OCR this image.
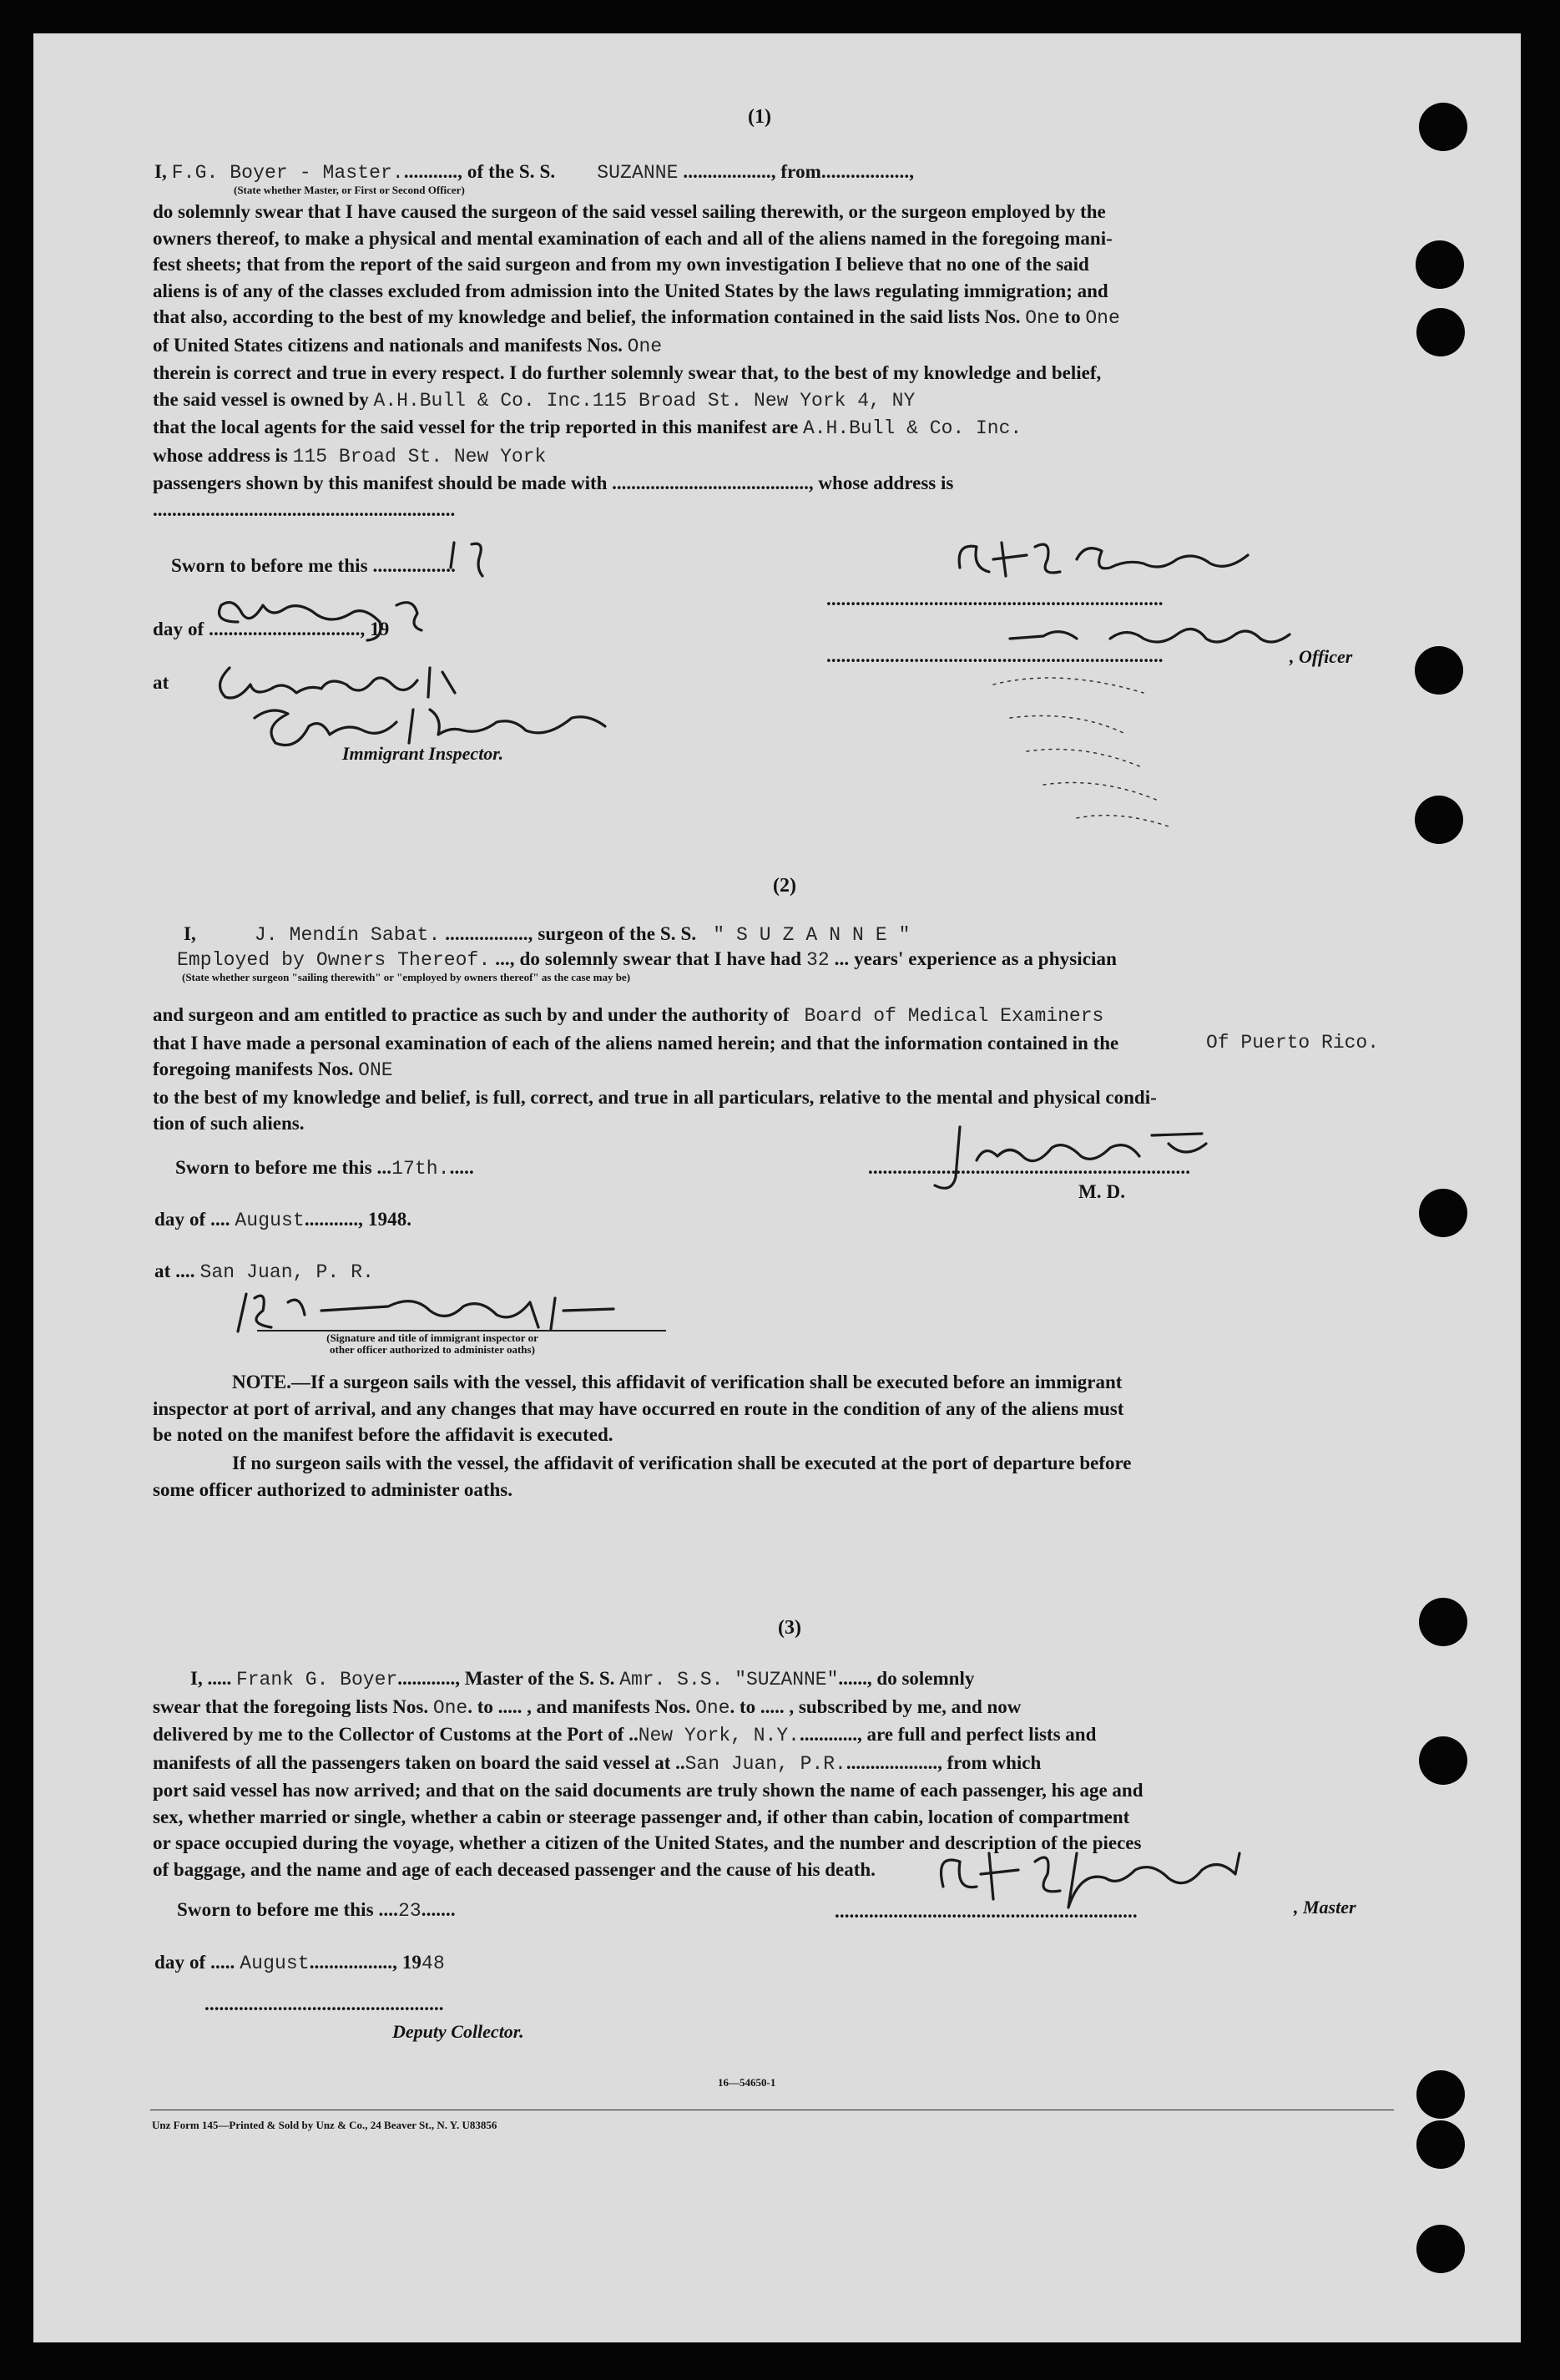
(1)
I, F.G. Boyer - Master............, of the S. S. SUZANNE .................., from..................,
(State whether Master, or First or Second Officer)
do solemnly swear that I have caused the surgeon of the said vessel sailing therewith, or the surgeon employed by the
owners thereof, to make a physical and mental examination of each and all of the aliens named in the foregoing mani-
fest sheets; that from the report of the said surgeon and from my own investigation I believe that no one of the said
aliens is of any of the classes excluded from admission into the United States by the laws regulating immigration; and
that also, according to the best of my knowledge and belief, the information contained in the said lists Nos. One to One
of United States citizens and nationals and manifests Nos. One
therein is correct and true in every respect. I do further solemnly swear that, to the best of my knowledge and belief,
the said vessel is owned by A.H.Bull & Co. Inc.115 Broad St. New York 4, NY
that the local agents for the said vessel for the trip reported in this manifest are A.H.Bull & Co. Inc.
whose address is 115 Broad St. New York
passengers shown by this manifest should be made with ........................................., whose address is
...............................................................
Sworn to before me this .................
day of ..............................., 19
at
.....................................................................
.....................................................................	, Officer
Immigrant Inspector.
(2)
I,	J. Mendín Sabat. ................., surgeon of the S. S. " S U Z A N N E "
Employed by Owners Thereof. ..., do solemnly swear that I have had 32 ... years' experience as a physician
(State whether surgeon "sailing therewith" or "employed by owners thereof" as the case may be)
and surgeon and am entitled to practice as such by and under the authority of Board of Medical Examiners
that I have made a personal examination of each of the aliens named herein; and that the information contained in the	Of Puerto Rico.
foregoing manifests Nos. ONE
to the best of my knowledge and belief, is full, correct, and true in all particulars, relative to the mental and physical condi-
tion of such aliens.
Sworn to before me this ...17th......
day of .... August..........., 1948.
at .... San Juan, P. R.
..................................................................
M. D.
(Signature and title of immigrant inspector or
other officer authorized to administer oaths)
NOTE.—If a surgeon sails with the vessel, this affidavit of verification shall be executed before an immigrant
inspector at port of arrival, and any changes that may have occurred en route in the condition of any of the aliens must
be noted on the manifest before the affidavit is executed.
If no surgeon sails with the vessel, the affidavit of verification shall be executed at the port of departure before
some officer authorized to administer oaths.
(3)
I, ..... Frank G. Boyer............, Master of the S. S. Amr. S.S. "SUZANNE"......, do solemnly
swear that the foregoing lists Nos. One. to ..... , and manifests Nos. One. to ..... , subscribed by me, and now
delivered by me to the Collector of Customs at the Port of ..New York, N.Y............., are full and perfect lists and
manifests of all the passengers taken on board the said vessel at ..San Juan, P.R...................., from which
port said vessel has now arrived; and that on the said documents are truly shown the name of each passenger, his age and
sex, whether married or single, whether a cabin or steerage passenger and, if other than cabin, location of compartment
or space occupied during the voyage, whether a citizen of the United States, and the number and description of the pieces
of baggage, and the name and age of each deceased passenger and the cause of his death.
Sworn to before me this ....23.......
day of ..... August................., 1948
.................................................
Deputy Collector.
..............................................................	, Master
16—54650-1
Unz Form 145—Printed & Sold by Unz & Co., 24 Beaver St., N. Y. U83856
